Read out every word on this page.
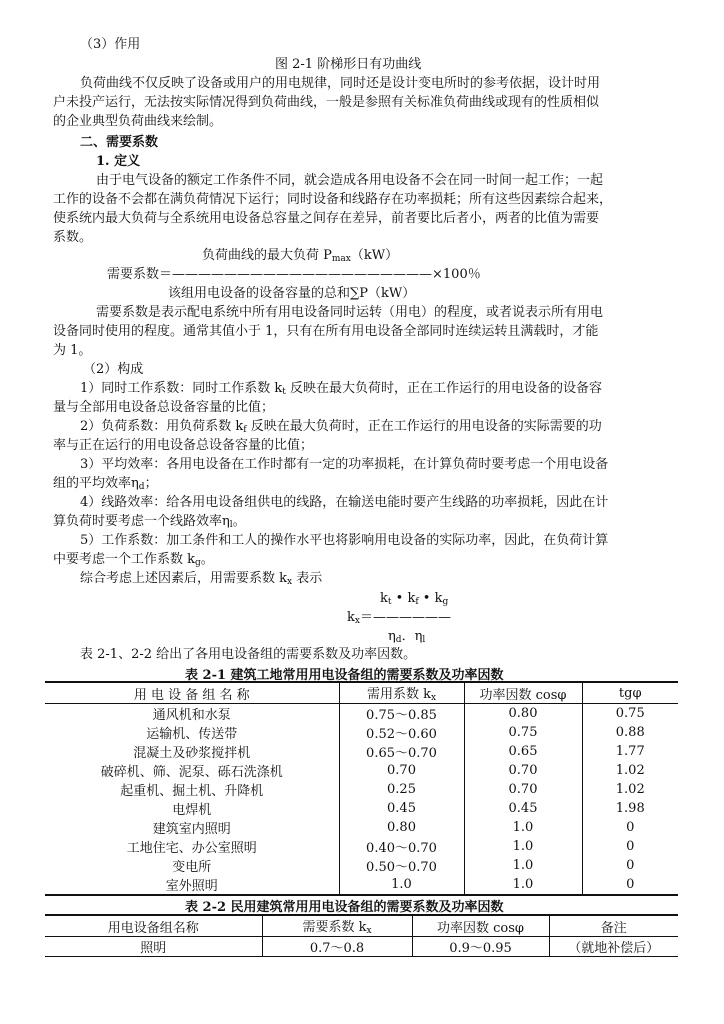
（3）作用
图 2-1 阶梯形日有功曲线
负荷曲线不仅反映了设备或用户的用电规律，同时还是设计变电所时的参考依据，设计时用
户未投产运行，无法按实际情况得到负荷曲线，一般是参照有关标准负荷曲线或现有的性质相似
的企业典型负荷曲线来绘制。
二、需要系数
1. 定义
由于电气设备的额定工作条件不同，就会造成各用电设备不会在同一时间一起工作；一起
工作的设备不会都在满负荷情况下运行；同时设备和线路存在功率损耗；所有这些因素综合起来，
使系统内最大负荷与全系统用电设备总容量之间存在差异，前者要比后者小，两者的比值为需要
系数。
负荷曲线的最大负荷 $P_{max}(kW)$
需要系数＝————————————————————×100％
该组用电设备的设备容量的总和∑P（kW）
需要系数是表示配电系统中所有用电设备同时运转（用电）的程度，或者说表示所有用电
设备同时使用的程度。通常其值小于 1，只有在所有用电设备全部同时连续运转且满载时，才能
为 1。
（2）构成
1）同时工作系数：同时工作系数 $k_t$ 反映在最大负荷时，正在工作运行的用电设备的设备容
量与全部用电设备总设备容量的比值；
2）负荷系数：用负荷系数 $k_f$ 反映在最大负荷时，正在工作运行的用电设备的实际需要的功
率与正在运行的用电设备总设备容量的比值；
3）平均效率：各用电设备在工作时都有一定的功率损耗，在计算负荷时要考虑一个用电设备
组的平均效率$\eta_d$；
4）线路效率：给各用电设备组供电的线路，在输送电能时要产生线路的功率损耗，因此在计
算负荷时要考虑一个线路效率$\eta_l$。
5）工作系数：加工条件和工人的操作水平也将影响用电设备的实际功率，因此，在负荷计算
中要考虑一个工作系数 $k_g$。
综合考虑上述因素后，用需要系数 $k_x$ 表示
$k_t$ • $k_f$ • $k_g$
$k_x=——————$
$\eta_d$．$\eta_l$
表 2-1、2-2 给出了各用电设备组的需要系数及功率因数。
表 2-1 建筑工地常用用电设备组的需要系数及功率因数
用 电 设 备 组 名 称	需用系数 $k_x$	功率因数 cosφ	tgφ
通风机和水泵	0.75～0.85	0.80	0.75
运输机、传送带	0.52～0.60	0.75	0.88
混凝土及砂浆搅拌机	0.65～0.70	0.65	1.77
破碎机、筛、泥泵、砾石洗涤机	0.70	0.70	1.02
起重机、掘土机、升降机	0.25	0.70	1.02
电焊机	0.45	0.45	1.98
建筑室内照明	0.80	1.0	0
工地住宅、办公室照明	0.40～0.70	1.0	0
变电所	0.50～0.70	1.0	0
室外照明	1.0	1.0	0
表 2-2 民用建筑常用用电设备组的需要系数及功率因数
用电设备组名称	需要系数 $k_x$	功率因数 cosφ	备注
照明	0.7～0.8	0.9～0.95	（就地补偿后）
